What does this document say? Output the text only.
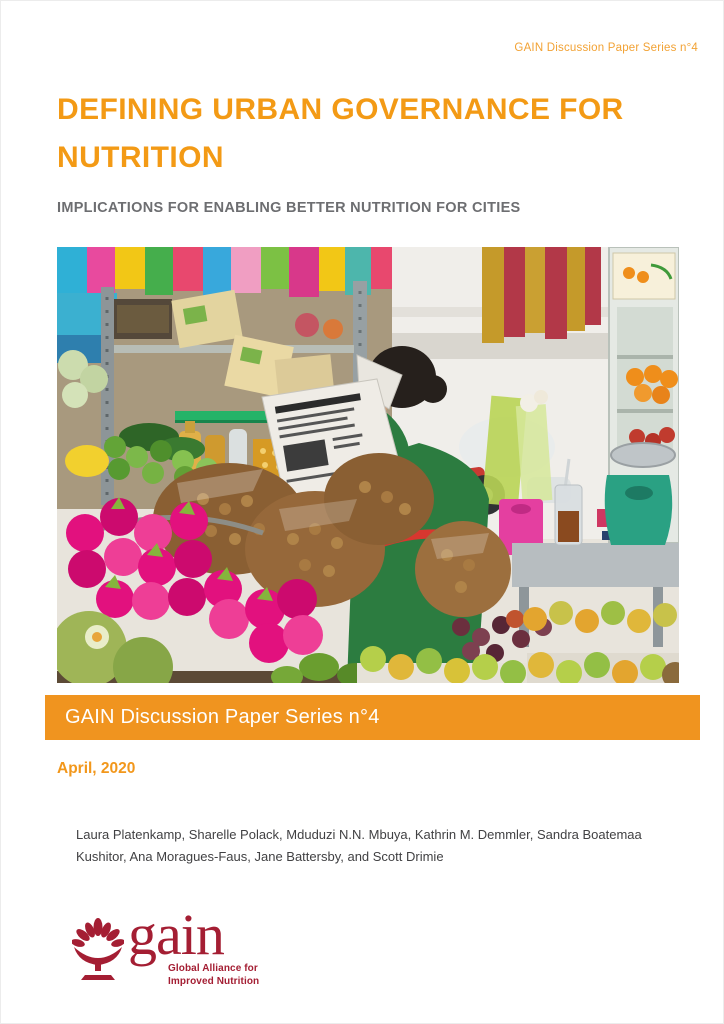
GAIN Discussion Paper Series n°4
DEFINING URBAN GOVERNANCE FOR NUTRITION
IMPLICATIONS FOR ENABLING BETTER NUTRITION FOR CITIES
GAIN Discussion Paper Series n°4
April, 2020

Laura Platenkamp, Sharelle Polack, Mduduzi N.N. Mbuya, Kathrin M. Demmler, Sandra Boatemaa Kushitor, Ana Moragues-Faus, Jane Battersby, and Scott Drimie

gain
Global Alliance for
Improved Nutrition
